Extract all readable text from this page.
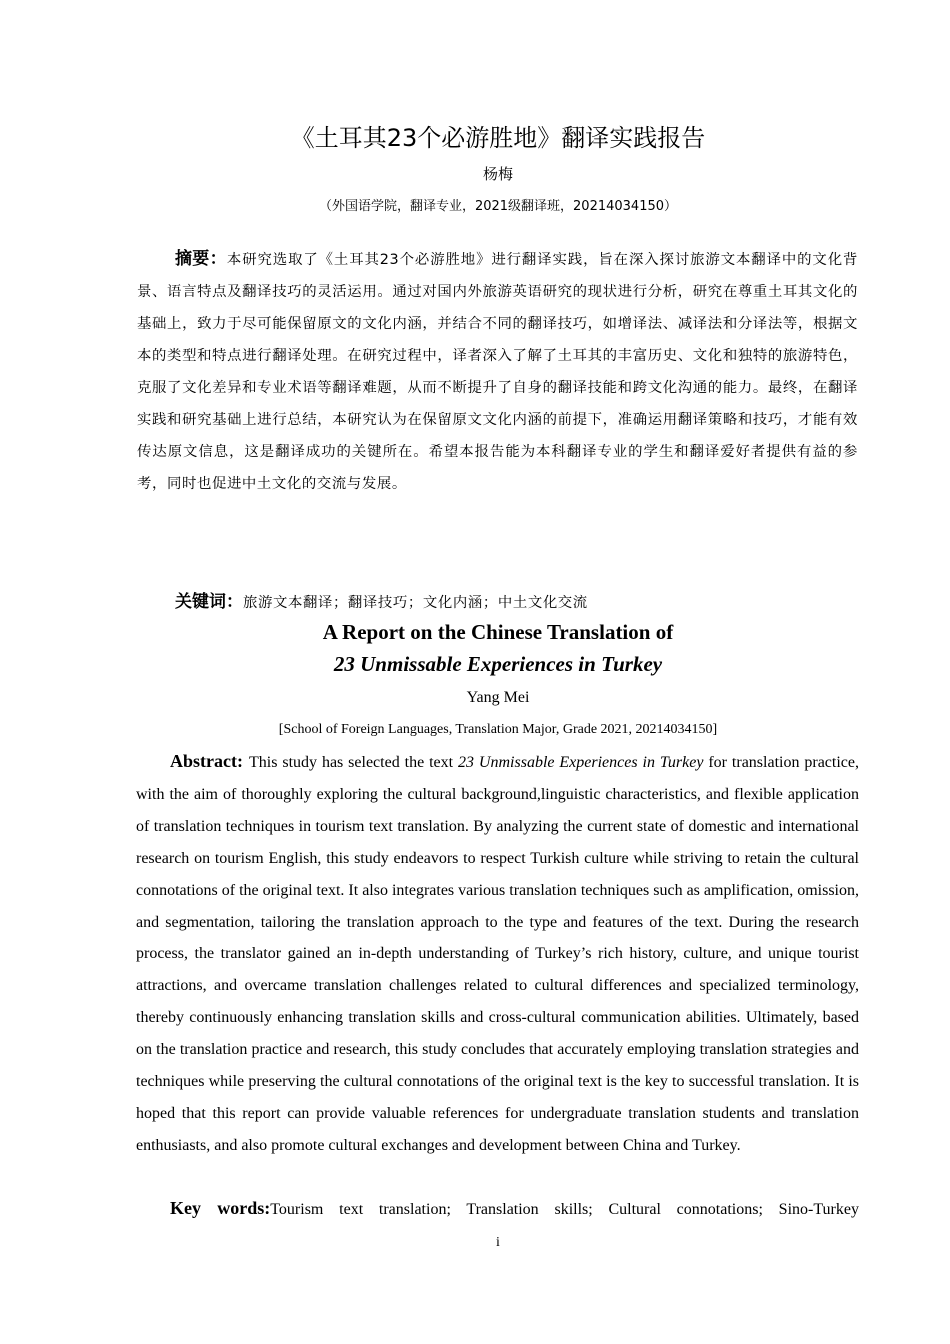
《土耳其23个必游胜地》翻译实践报告
杨梅
（外国语学院，翻译专业，2021级翻译班，20214034150）
摘要：本研究选取了《土耳其23个必游胜地》进行翻译实践，旨在深入探讨旅游文本翻译中的文化背景、语言特点及翻译技巧的灵活运用。通过对国内外旅游英语研究的现状进行分析，研究在尊重土耳其文化的基础上，致力于尽可能保留原文的文化内涵，并结合不同的翻译技巧，如增译法、减译法和分译法等，根据文本的类型和特点进行翻译处理。在研究过程中，译者深入了解了土耳其的丰富历史、文化和独特的旅游特色，克服了文化差异和专业术语等翻译难题，从而不断提升了自身的翻译技能和跨文化沟通的能力。最终，在翻译实践和研究基础上进行总结，本研究认为在保留原文文化内涵的前提下，准确运用翻译策略和技巧，才能有效传达原文信息，这是翻译成功的关键所在。希望本报告能为本科翻译专业的学生和翻译爱好者提供有益的参考，同时也促进中土文化的交流与发展。
关键词：旅游文本翻译；翻译技巧；文化内涵；中土文化交流
A Report on the Chinese Translation of
23 Unmissable Experiences in Turkey
Yang Mei
[School of Foreign Languages, Translation Major, Grade 2021, 20214034150]
Abstract: This study has selected the text 23 Unmissable Experiences in Turkey for translation practice, with the aim of thoroughly exploring the cultural background,linguistic characteristics, and flexible application of translation techniques in tourism text translation. By analyzing the current state of domestic and international research on tourism English, this study endeavors to respect Turkish culture while striving to retain the cultural connotations of the original text. It also integrates various translation techniques such as amplification, omission, and segmentation, tailoring the translation approach to the type and features of the text. During the research process, the translator gained an in-depth understanding of Turkey’s rich history, culture, and unique tourist attractions, and overcame translation challenges related to cultural differences and specialized terminology, thereby continuously enhancing translation skills and cross-cultural communication abilities. Ultimately, based on the translation practice and research, this study concludes that accurately employing translation strategies and techniques while preserving the cultural connotations of the original text is the key to successful translation. It is hoped that this report can provide valuable references for undergraduate translation students and translation enthusiasts, and also promote cultural exchanges and development between China and Turkey.
Key words:Tourism text translation; Translation skills; Cultural connotations; Sino-Turkey
i
